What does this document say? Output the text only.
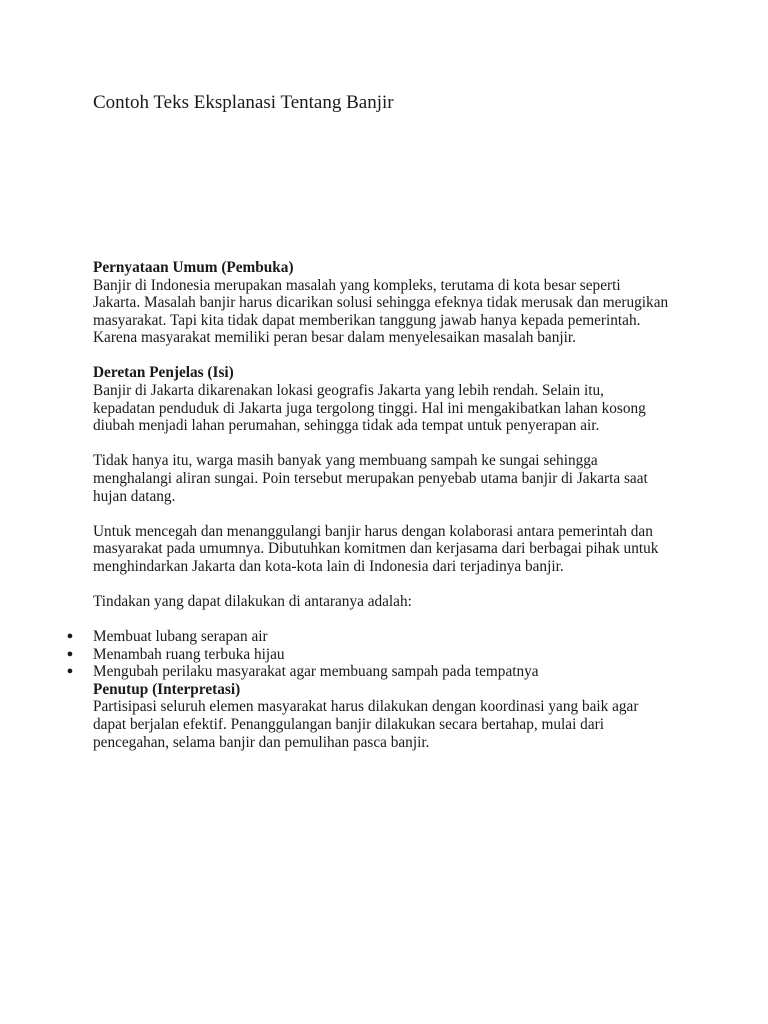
Contoh Teks Eksplanasi Tentang Banjir

Pernyataan Umum (Pembuka)

Banjir di Indonesia merupakan masalah yang kompleks, terutama di kota besar seperti

Jakarta. Masalah banjir harus dicarikan solusi sehingga efeknya tidak merusak dan merugikan

masyarakat. Tapi kita tidak dapat memberikan tanggung jawab hanya kepada pemerintah.

Karena masyarakat memiliki peran besar dalam menyelesaikan masalah banjir.

Deretan Penjelas (Isi)

Banjir di Jakarta dikarenakan lokasi geografis Jakarta yang lebih rendah. Selain itu,

kepadatan penduduk di Jakarta juga tergolong tinggi. Hal ini mengakibatkan lahan kosong

diubah menjadi lahan perumahan, sehingga tidak ada tempat untuk penyerapan air.

Tidak hanya itu, warga masih banyak yang membuang sampah ke sungai sehingga

menghalangi aliran sungai. Poin tersebut merupakan penyebab utama banjir di Jakarta saat

hujan datang.

Untuk mencegah dan menanggulangi banjir harus dengan kolaborasi antara pemerintah dan

masyarakat pada umumnya. Dibutuhkan komitmen dan kerjasama dari berbagai pihak untuk

menghindarkan Jakarta dan kota-kota lain di Indonesia dari terjadinya banjir.

Tindakan yang dapat dilakukan di antaranya adalah:

● Membuat lubang serapan air
● Menambah ruang terbuka hijau
● Mengubah perilaku masyarakat agar membuang sampah pada tempatnya

Penutup (Interpretasi)

Partisipasi seluruh elemen masyarakat harus dilakukan dengan koordinasi yang baik agar

dapat berjalan efektif. Penanggulangan banjir dilakukan secara bertahap, mulai dari

pencegahan, selama banjir dan pemulihan pasca banjir.
